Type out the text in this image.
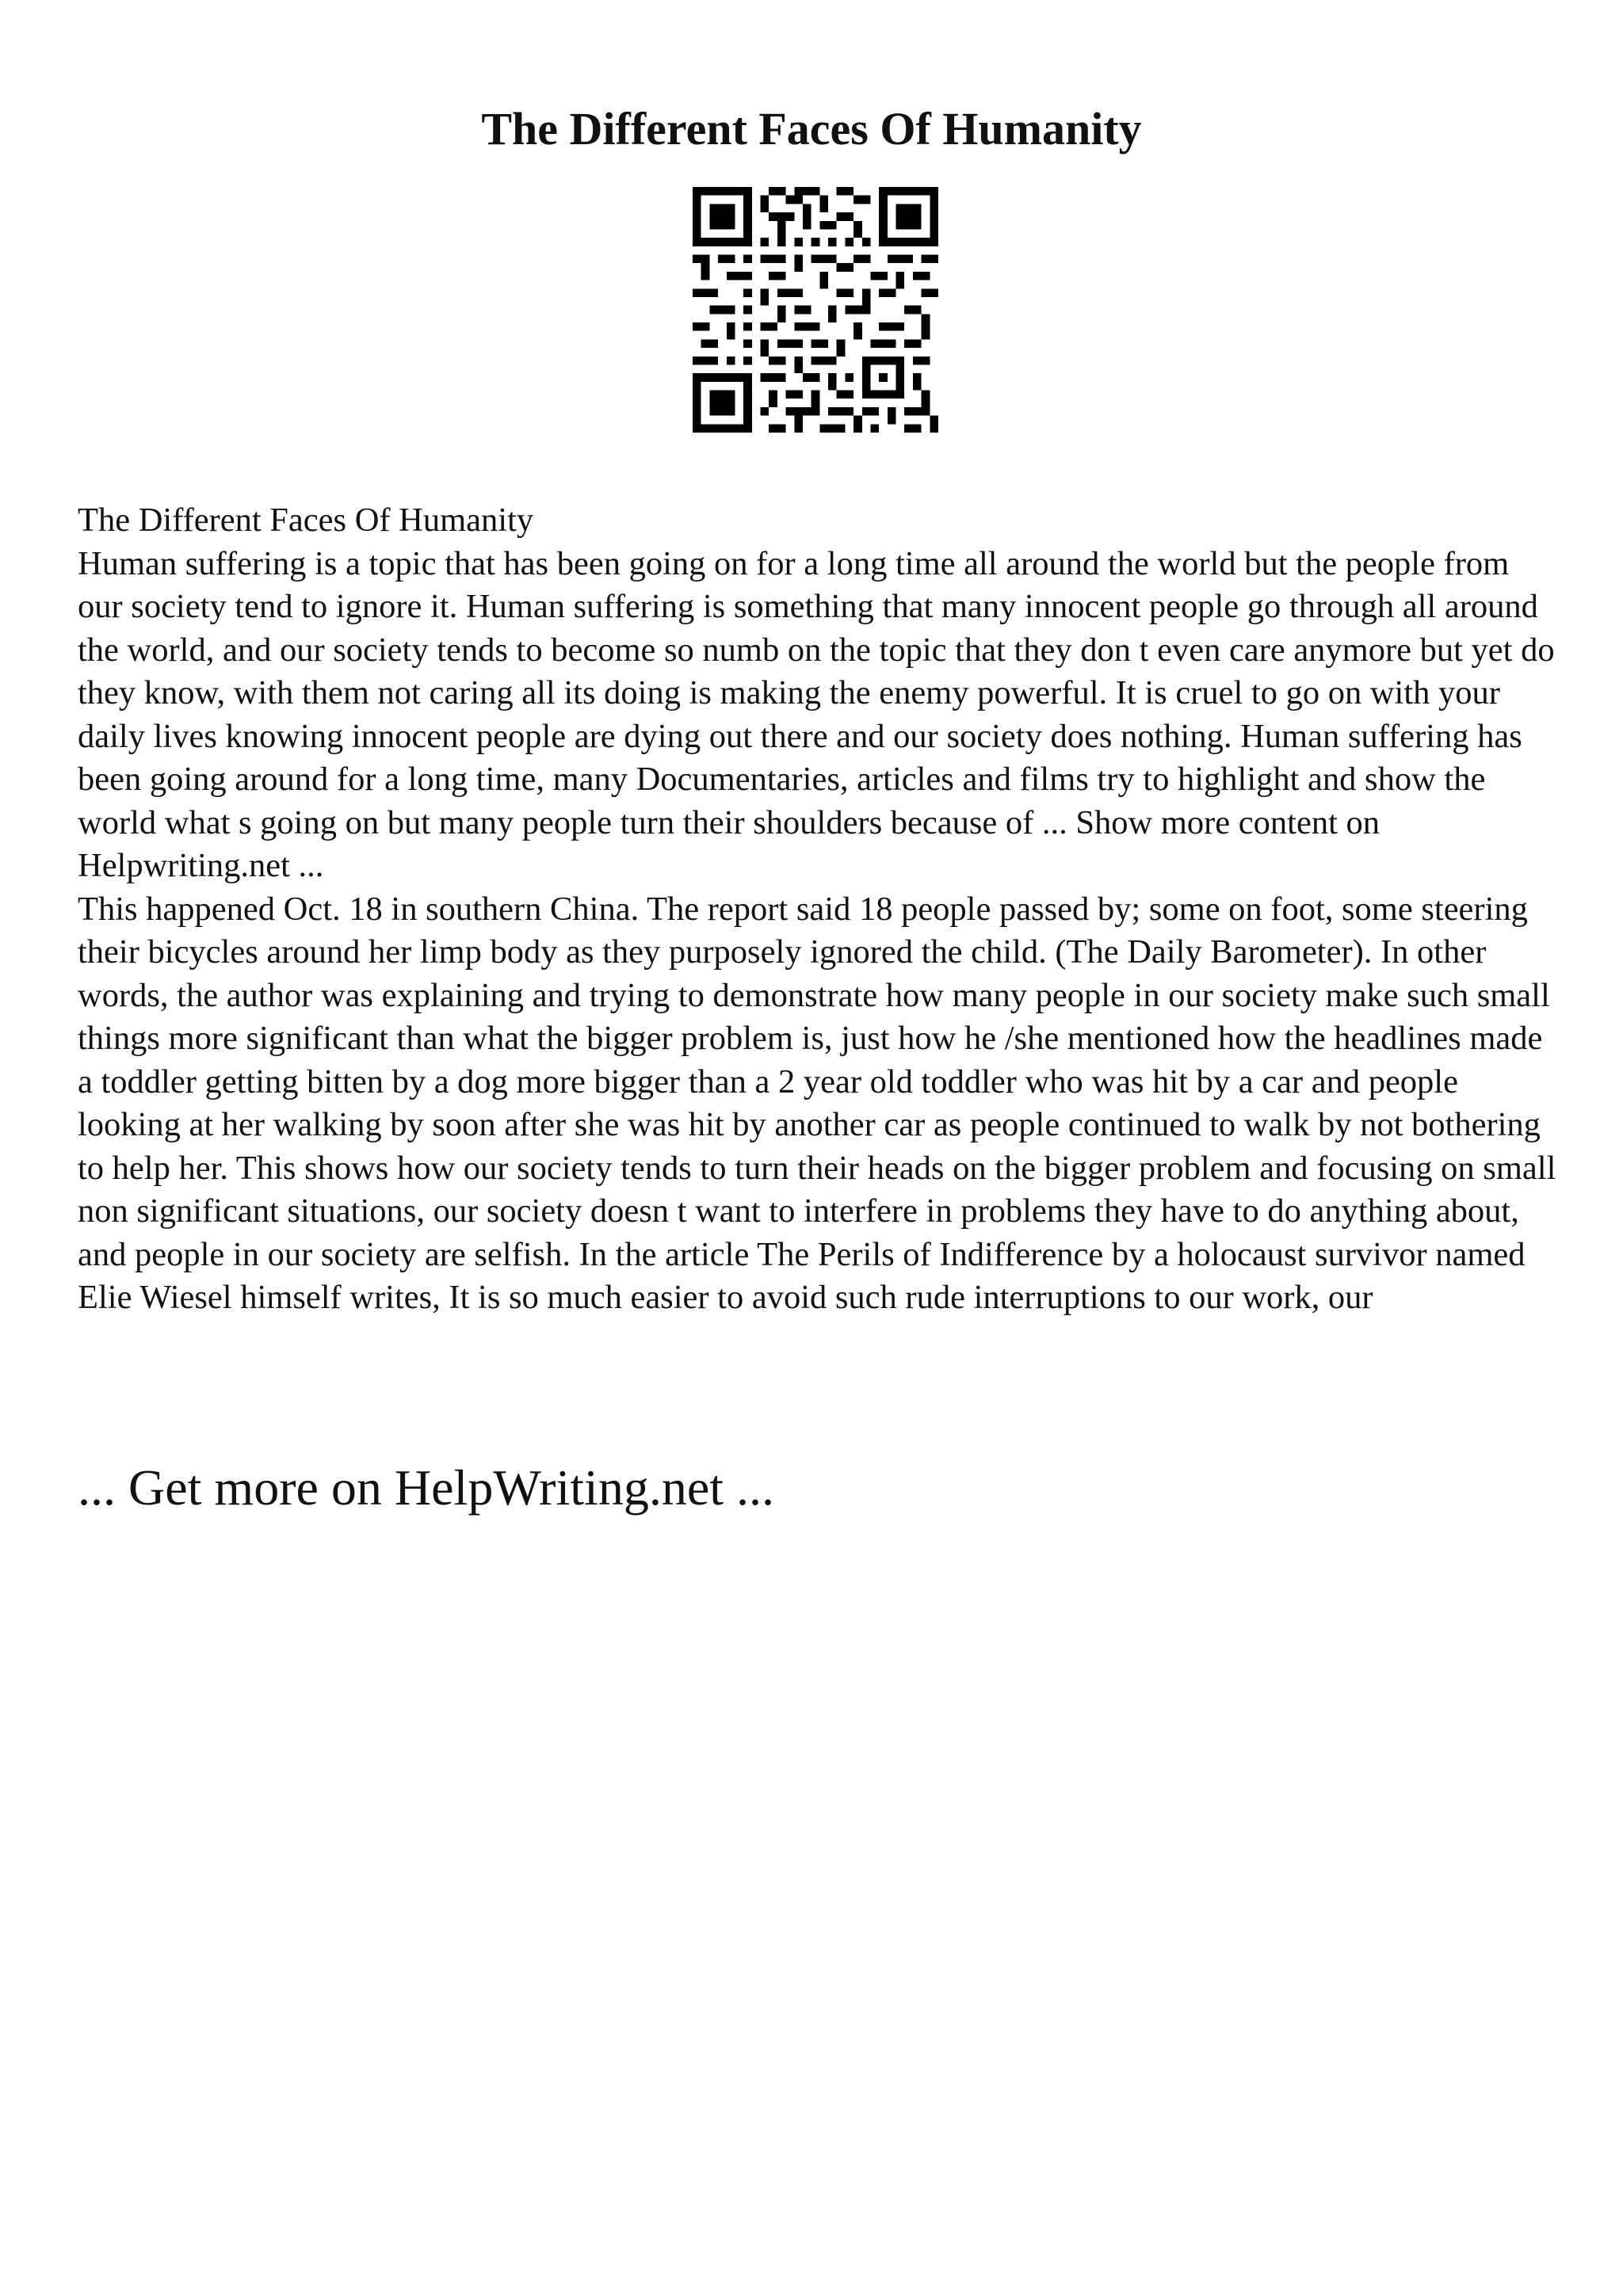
The Different Faces Of Humanity

The Different Faces Of Humanity

Human suffering is a topic that has been going on for a long time all around the world but the people from our society tend to ignore it. Human suffering is something that many innocent people go through all around the world, and our society tends to become so numb on the topic that they don t even care anymore but yet do they know, with them not caring all its doing is making the enemy powerful. It is cruel to go on with your daily lives knowing innocent people are dying out there and our society does nothing. Human suffering has been going around for a long time, many Documentaries, articles and films try to highlight and show the world what s going on but many people turn their shoulders because of ... Show more content on Helpwriting.net ...

This happened Oct. 18 in southern China. The report said 18 people passed by; some on foot, some steering their bicycles around her limp body as they purposely ignored the child. (The Daily Barometer). In other words, the author was explaining and trying to demonstrate how many people in our society make such small things more significant than what the bigger problem is, just how he /she mentioned how the headlines made a toddler getting bitten by a dog more bigger than a 2 year old toddler who was hit by a car and people looking at her walking by soon after she was hit by another car as people continued to walk by not bothering to help her. This shows how our society tends to turn their heads on the bigger problem and focusing on small non significant situations, our society doesn t want to interfere in problems they have to do anything about, and people in our society are selfish. In the article The Perils of Indifference by a holocaust survivor named Elie Wiesel himself writes, It is so much easier to avoid such rude interruptions to our work, our

... Get more on HelpWriting.net ...
